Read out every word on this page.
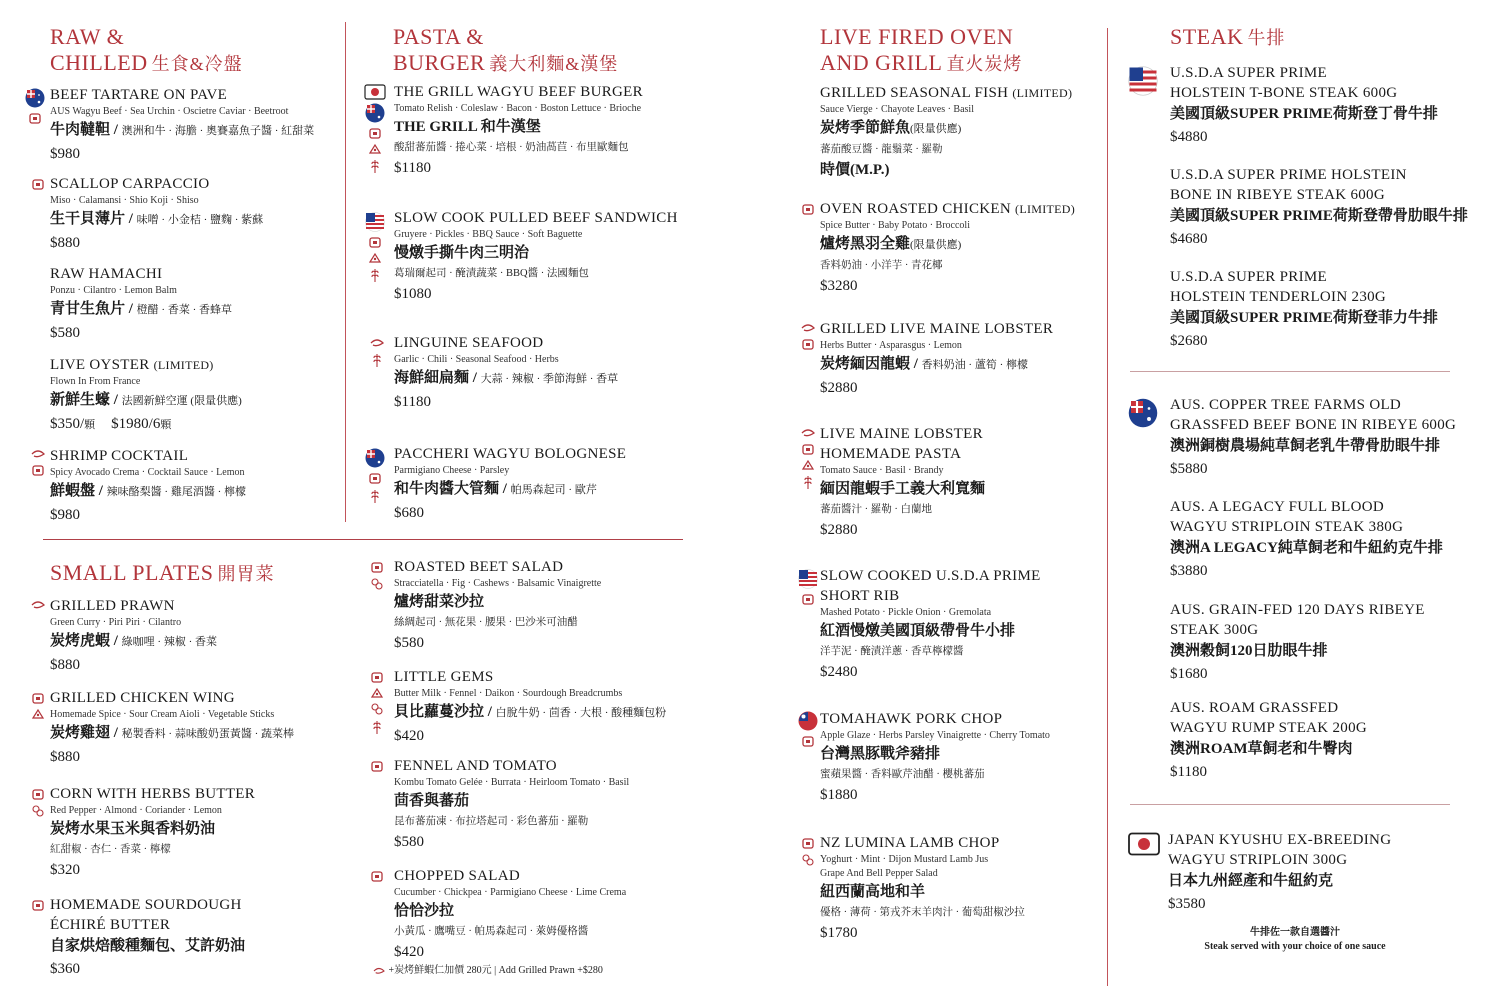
RAW &
CHILLED 生食&冷盤
PASTA &
BURGER 義大利麵&漢堡
LIVE FIRED OVEN
AND GRILL 直火炭烤
STEAK 牛排
SMALL PLATES 開胃菜
BEEF TARTARE ON PAVE
AUS Wagyu Beef · Sea Urchin · Oscietre Caviar · Beetroot
牛肉韃靼 / 澳洲和牛 · 海膽 · 奧賽嘉魚子醬 · 紅甜菜
$980
SCALLOP CARPACCIO
Miso · Calamansi · Shio Koji · Shiso
生干貝薄片 / 味噌 · 小金桔 · 鹽麴 · 紫蘇
$880
RAW HAMACHI
Ponzu · Cilantro · Lemon Balm
青甘生魚片 / 橙醋 · 香菜 · 香蜂草
$580
LIVE OYSTER (LIMITED)
Flown In From France
新鮮生蠔 / 法國新鮮空運 (限量供應)
$350/顆 $1980/6顆
SHRIMP COCKTAIL
Spicy Avocado Crema · Cocktail Sauce · Lemon
鮮蝦盤 / 辣味酪梨醬 · 雞尾酒醬 · 檸檬
$980
THE GRILL WAGYU BEEF BURGER
Tomato Relish · Coleslaw · Bacon · Boston Lettuce · Brioche
THE GRILL 和牛漢堡
酸甜蕃茄醬 · 捲心菜 · 培根 · 奶油萵苣 · 布里歐麵包
$1180
SLOW COOK PULLED BEEF SANDWICH
Gruyere · Pickles · BBQ Sauce · Soft Baguette
慢燉手撕牛肉三明治
葛瑞爾起司 · 醃漬蔬菜 · BBQ醬 · 法國麵包
$1080
LINGUINE SEAFOOD
Garlic · Chili · Seasonal Seafood · Herbs
海鮮細扁麵 / 大蒜 · 辣椒 · 季節海鮮 · 香草
$1180
PACCHERI WAGYU BOLOGNESE
Parmigiano Cheese · Parsley
和牛肉醬大管麵 / 帕馬森起司 · 歐芹
$680
GRILLED PRAWN
Green Curry · Piri Piri · Cilantro
炭烤虎蝦 / 綠咖哩 · 辣椒 · 香菜
$880
GRILLED CHICKEN WING
Homemade Spice · Sour Cream Aioli · Vegetable Sticks
炭烤雞翅 / 秘製香料 · 蒜味酸奶蛋黃醬 · 蔬菜棒
$880
CORN WITH HERBS BUTTER
Red Pepper · Almond · Coriander · Lemon
炭烤水果玉米與香料奶油
紅甜椒 · 杏仁 · 香菜 · 檸檬
$320
HOMEMADE SOURDOUGH
ÉCHIRÉ BUTTER
自家烘焙酸種麵包、艾許奶油
$360
ROASTED BEET SALAD
Stracciatella · Fig · Cashews · Balsamic Vinaigrette
爐烤甜菜沙拉
絲綢起司 · 無花果 · 腰果 · 巴沙米可油醋
$580
LITTLE GEMS
Butter Milk · Fennel · Daikon · Sourdough Breadcrumbs
貝比蘿蔓沙拉 / 白脫牛奶 · 茴香 · 大根 · 酸種麵包粉
$420
FENNEL AND TOMATO
Kombu Tomato Gelée · Burrata · Heirloom Tomato · Basil
茴香與蕃茄
昆布蕃茄凍 · 布拉塔起司 · 彩色蕃茄 · 羅勒
$580
CHOPPED SALAD
Cucumber · Chickpea · Parmigiano Cheese · Lime Crema
恰恰沙拉
小黃瓜 · 鷹嘴豆 · 帕馬森起司 · 萊姆優格醬
$420
+炭烤鮮蝦仁加價 280元 | Add Grilled Prawn +$280
GRILLED SEASONAL FISH (LIMITED)
Sauce Vierge · Chayote Leaves · Basil
炭烤季節鮮魚(限量供應)
蕃茄酸豆醬 · 龍鬚菜 · 羅勒
時價(M.P.)
OVEN ROASTED CHICKEN (LIMITED)
Spice Butter · Baby Potato · Broccoli
爐烤黑羽全雞(限量供應)
香料奶油 · 小洋芋 · 青花椰
$3280
GRILLED LIVE MAINE LOBSTER
Herbs Butter · Asparasgus · Lemon
炭烤緬因龍蝦 / 香料奶油 · 蘆筍 · 檸檬
$2880
LIVE MAINE LOBSTER
HOMEMADE PASTA
Tomato Sauce · Basil · Brandy
緬因龍蝦手工義大利寬麵
蕃茄醬汁 · 羅勒 · 白蘭地
$2880
SLOW COOKED U.S.D.A PRIME
SHORT RIB
Mashed Potato · Pickle Onion · Gremolata
紅酒慢燉美國頂級帶骨牛小排
洋芋泥 · 醃漬洋蔥 · 香草檸檬醬
$2480
TOMAHAWK PORK CHOP
Apple Glaze · Herbs Parsley Vinaigrette · Cherry Tomato
台灣黑豚戰斧豬排
蜜蘋果醬 · 香料歐芹油醋 · 櫻桃蕃茄
$1880
NZ LUMINA LAMB CHOP
Yoghurt · Mint · Dijon Mustard Lamb Jus
Grape And Bell Pepper Salad
紐西蘭高地和羊
優格 · 薄荷 · 第戎芥末羊肉汁 · 葡萄甜椒沙拉
$1780
U.S.D.A SUPER PRIME
HOLSTEIN T-BONE STEAK 600G
美國頂級SUPER PRIME荷斯登丁骨牛排
$4880
U.S.D.A SUPER PRIME HOLSTEIN
BONE IN RIBEYE STEAK 600G
美國頂級SUPER PRIME荷斯登帶骨肋眼牛排
$4680
U.S.D.A SUPER PRIME
HOLSTEIN TENDERLOIN 230G
美國頂級SUPER PRIME荷斯登菲力牛排
$2680
AUS. COPPER TREE FARMS OLD
GRASSFED BEEF BONE IN RIBEYE 600G
澳洲銅樹農場純草飼老乳牛帶骨肋眼牛排
$5880
AUS. A LEGACY FULL BLOOD
WAGYU STRIPLOIN STEAK 380G
澳洲A LEGACY純草飼老和牛紐約克牛排
$3880
AUS. GRAIN-FED 120 DAYS RIBEYE
STEAK 300G
澳洲穀飼120日肋眼牛排
$1680
AUS. ROAM GRASSFED
WAGYU RUMP STEAK 200G
澳洲ROAM草飼老和牛臀肉
$1180
JAPAN KYUSHU EX-BREEDING
WAGYU STRIPLOIN 300G
日本九州經產和牛紐約克
$3580
牛排佐一款自選醬汁
Steak served with your choice of one sauce
